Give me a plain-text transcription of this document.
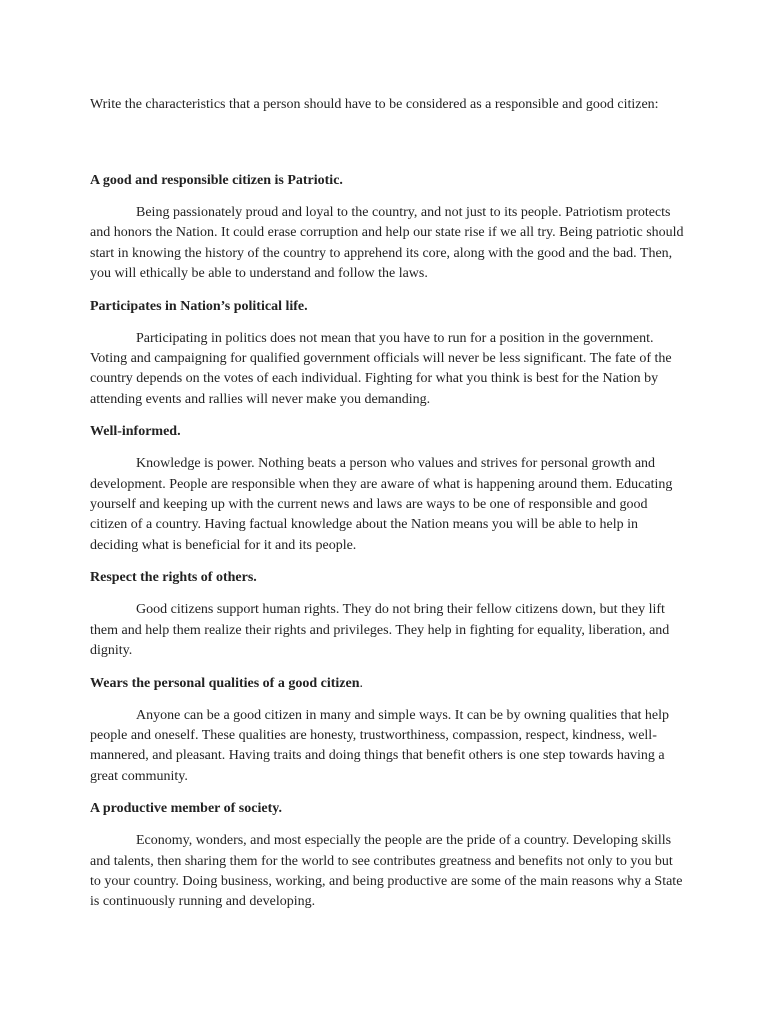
Write the characteristics that a person should have to be considered as a responsible and good citizen:

A good and responsible citizen is Patriotic.

Being passionately proud and loyal to the country, and not just to its people. Patriotism protects and honors the Nation. It could erase corruption and help our state rise if we all try. Being patriotic should start in knowing the history of the country to apprehend its core, along with the good and the bad. Then, you will ethically be able to understand and follow the laws.

Participates in Nation’s political life.

Participating in politics does not mean that you have to run for a position in the government. Voting and campaigning for qualified government officials will never be less significant. The fate of the country depends on the votes of each individual. Fighting for what you think is best for the Nation by attending events and rallies will never make you demanding.

Well-informed.

Knowledge is power. Nothing beats a person who values and strives for personal growth and development. People are responsible when they are aware of what is happening around them. Educating yourself and keeping up with the current news and laws are ways to be one of responsible and good citizen of a country. Having factual knowledge about the Nation means you will be able to help in deciding what is beneficial for it and its people.

Respect the rights of others.

Good citizens support human rights. They do not bring their fellow citizens down, but they lift them and help them realize their rights and privileges. They help in fighting for equality, liberation, and dignity.

Wears the personal qualities of a good citizen.

Anyone can be a good citizen in many and simple ways. It can be by owning qualities that help people and oneself. These qualities are honesty, trustworthiness, compassion, respect, kindness, well-mannered, and pleasant. Having traits and doing things that benefit others is one step towards having a great community.

A productive member of society.

Economy, wonders, and most especially the people are the pride of a country. Developing skills and talents, then sharing them for the world to see contributes greatness and benefits not only to you but to your country. Doing business, working, and being productive are some of the main reasons why a State is continuously running and developing.
